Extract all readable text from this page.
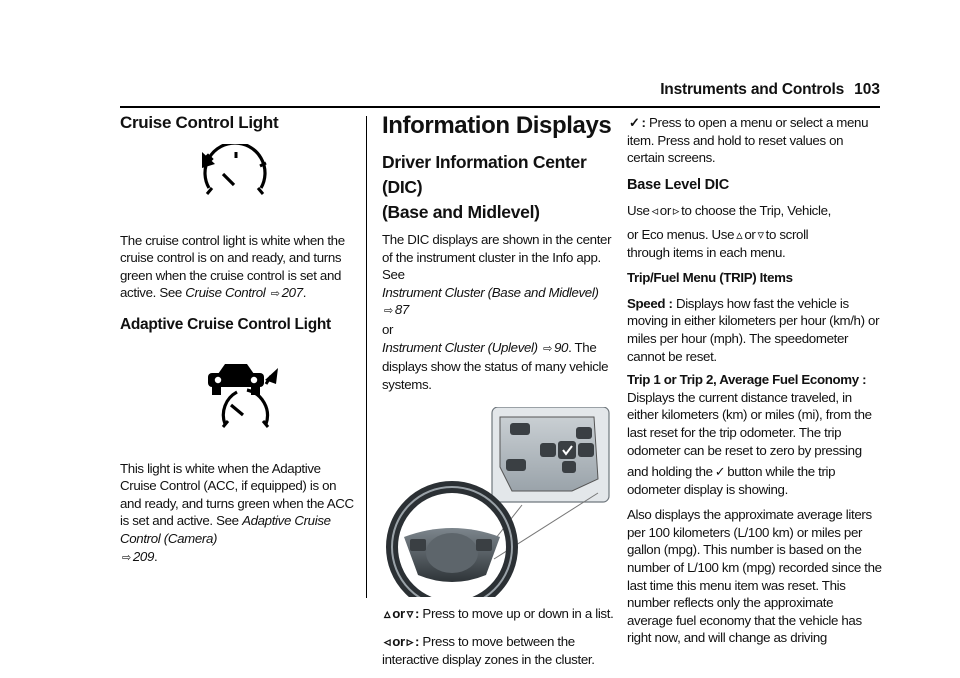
Instruments and Controls 103
Cruise Control Light

The cruise control light is white when the cruise control is on and ready, and turns green when the cruise control is set and active. See Cruise Control ⇨ 207.

Adaptive Cruise Control Light

This light is white when the Adaptive Cruise Control (ACC, if equipped) is on and ready, and turns green when the ACC is set and active. See Adaptive Cruise Control (Camera)
⇨ 209.

Information Displays
Driver Information Center (DIC)
(Base and Midlevel)

The DIC displays are shown in the center of the instrument cluster in the Info app. See
Instrument Cluster (Base and Midlevel) ⇨ 87
or
Instrument Cluster (Uplevel) ⇨ 90. The displays show the status of many vehicle systems.

▵ or ▿ : Press to move up or down in a list.

◃ or ▹ : Press to move between the interactive display zones in the cluster.

✓ : Press to open a menu or select a menu item. Press and hold to reset values on certain screens.

Base Level DIC

Use ◃ or ▹ to choose the Trip, Vehicle,

or Eco menus. Use ▵ or ▿ to scroll
through items in each menu.

Trip/Fuel Menu (TRIP) Items

Speed : Displays how fast the vehicle is moving in either kilometers per hour (km/h) or miles per hour (mph). The speedometer cannot be reset.

Trip 1 or Trip 2, Average Fuel Economy : Displays the current distance traveled, in either kilometers (km) or miles (mi), from the last reset for the trip odometer. The trip odometer can be reset to zero by pressing

and holding the ✓ button while the trip
odometer display is showing.

Also displays the approximate average liters per 100 kilometers (L/100 km) or miles per gallon (mpg). This number is based on the number of L/100 km (mpg) recorded since the last time this menu item was reset. This number reflects only the approximate average fuel economy that the vehicle has right now, and will change as driving
